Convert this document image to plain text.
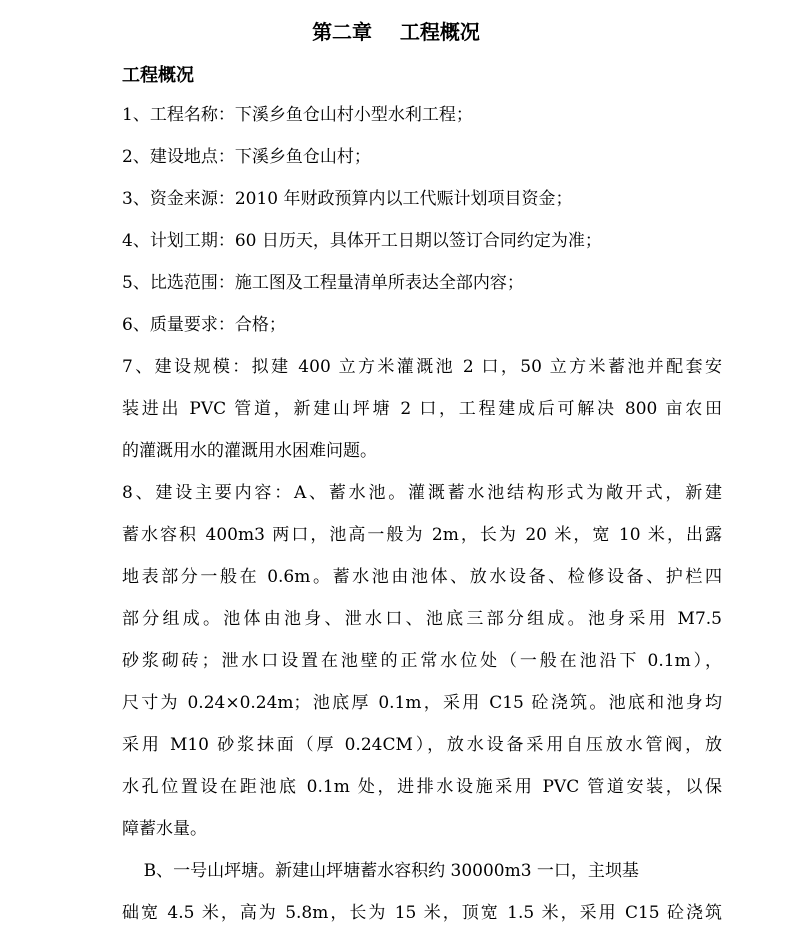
第二章    工程概况
工程概况
1、工程名称：下溪乡鱼仓山村小型水利工程；
2、建设地点：下溪乡鱼仓山村；
3、资金来源：2010 年财政预算内以工代赈计划项目资金；
4、计划工期：60 日历天，具体开工日期以签订合同约定为准；
5、比选范围：施工图及工程量清单所表达全部内容；
6、质量要求：合格；
7、建设规模：拟建 400 立方米灌溉池 2 口，50 立方米蓄池并配套安
装进出 PVC 管道，新建山坪塘 2 口，工程建成后可解决 800 亩农田
的灌溉用水的灌溉用水困难问题。
8、建设主要内容：A、蓄水池。灌溉蓄水池结构形式为敞开式，新建
蓄水容积 400m3 两口，池高一般为 2m，长为 20 米，宽 10 米，出露
地表部分一般在 0.6m。蓄水池由池体、放水设备、检修设备、护栏四
部分组成。池体由池身、泄水口、池底三部分组成。池身采用 M7.5
砂浆砌砖；泄水口设置在池壁的正常水位处（一般在池沿下 0.1m），
尺寸为 0.24×0.24m；池底厚 0.1m，采用 C15 砼浇筑。池底和池身均
采用 M10 砂浆抹面（厚 0.24CM），放水设备采用自压放水管阀，放
水孔位置设在距池底 0.1m 处，进排水设施采用 PVC 管道安装，以保
障蓄水量。
B、一号山坪塘。新建山坪塘蓄水容积约 30000m3 一口，主坝基
础宽 4.5 米，高为 5.8m，长为 15 米，顶宽 1.5 米，采用 C15 砼浇筑
